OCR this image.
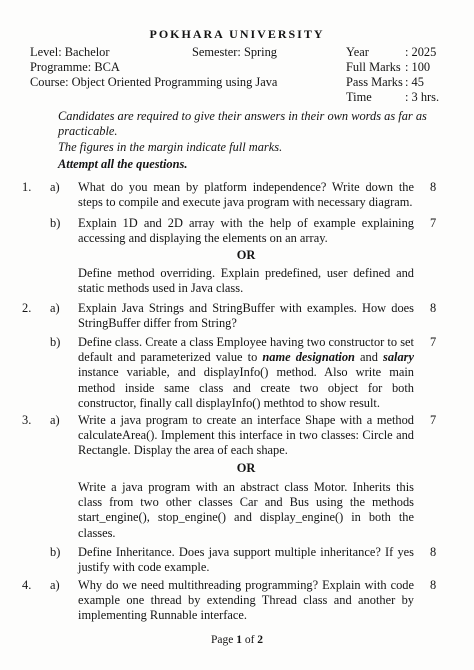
POKHARA UNIVERSITY
Level: Bachelor	Semester: Spring
Programme: BCA
Course: Object Oriented Programming using Java
Year	: 2025
Full Marks : 100
Pass Marks : 45
Time	: 3 hrs.
Candidates are required to give their answers in their own words as far as practicable.
The figures in the margin indicate full marks.
Attempt all the questions.
1. a) What do you mean by platform independence? Write down the steps to compile and execute java program with necessary diagram.
8
b) Explain 1D and 2D array with the help of example explaining accessing and displaying the elements on an array.
7
OR
Define method overriding. Explain predefined, user defined and static methods used in Java class.
2. a) Explain Java Strings and StringBuffer with examples. How does StringBuffer differ from String?
8
b) Define class. Create a class Employee having two constructor to set default and parameterized value to name designation and salary instance variable, and displayInfo() method. Also write main method inside same class and create two object for both constructor, finally call displayInfo() methtod to show result.
7
3. a) Write a java program to create an interface Shape with a method calculateArea(). Implement this interface in two classes: Circle and Rectangle. Display the area of each shape.
7
OR
Write a java program with an abstract class Motor. Inherits this class from two other classes Car and Bus using the methods start_engine(), stop_engine() and display_engine() in both the classes.
b) Define Inheritance. Does java support multiple inheritance? If yes justify with code example.
8
4. a) Why do we need multithreading programming? Explain with code example one thread by extending Thread class and another by implementing Runnable interface.
8
Page 1 of 2
